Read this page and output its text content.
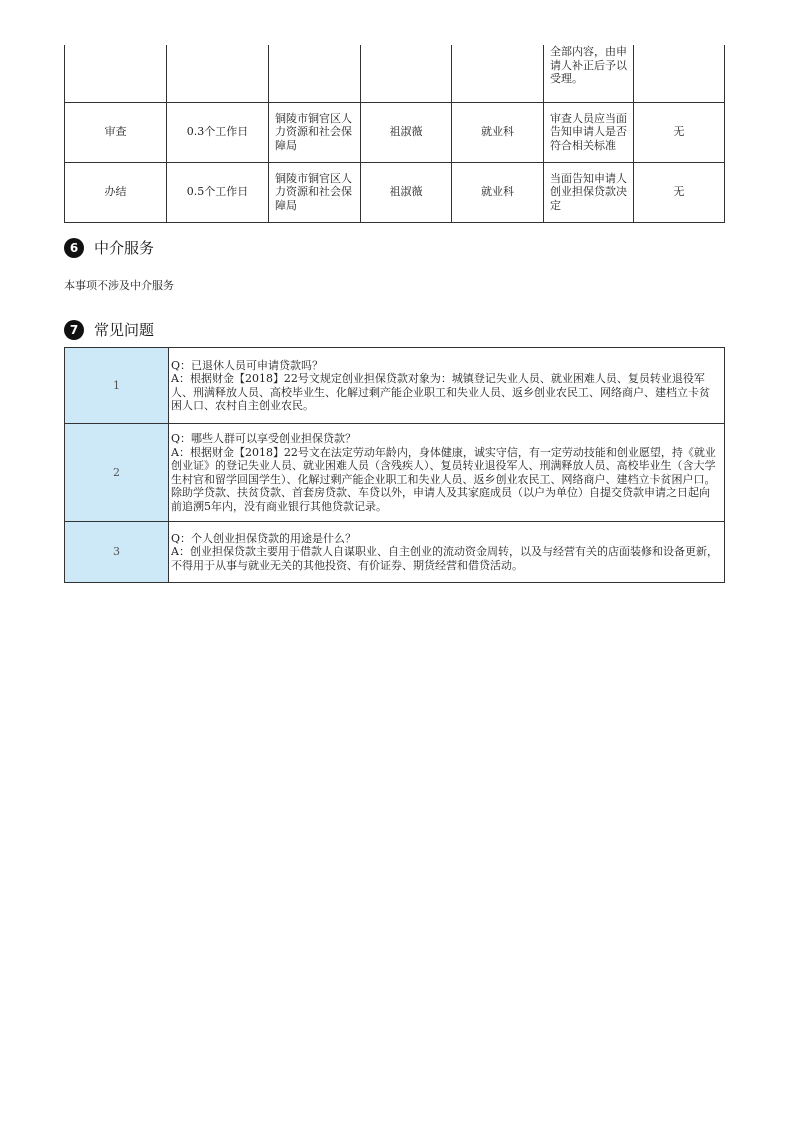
					全部内容，由申请人补正后予以受理。	
审查	0.3个工作日	铜陵市铜官区人力资源和社会保障局	祖淑薇	就业科	审查人员应当面告知申请人是否符合相关标准	无
办结	0.5个工作日	铜陵市铜官区人力资源和社会保障局	祖淑薇	就业科	当面告知申请人创业担保贷款决定	无
6	中介服务
本事项不涉及中介服务
7	常见问题
1	Q：已退休人员可申请贷款吗？
A：根据财金【2018】22号文规定创业担保贷款对象为：城镇登记失业人员、就业困难人员、复员转业退役军人、刑满释放人员、高校毕业生、化解过剩产能企业职工和失业人员、返乡创业农民工、网络商户、建档立卡贫困人口、农村自主创业农民。

2	Q：哪些人群可以享受创业担保贷款？
A：根据财金【2018】22号文在法定劳动年龄内，身体健康，诚实守信，有一定劳动技能和创业愿望，持《就业创业证》的登记失业人员、就业困难人员（含残疾人）、复员转业退役军人、刑满释放人员、高校毕业生（含大学生村官和留学回国学生）、化解过剩产能企业职工和失业人员、返乡创业农民工、网络商户、建档立卡贫困户口。除助学贷款、扶贫贷款、首套房贷款、车贷以外，申请人及其家庭成员（以户为单位）自提交贷款申请之日起向前追溯5年内，没有商业银行其他贷款记录。

3	Q：个人创业担保贷款的用途是什么？
A：创业担保贷款主要用于借款人自谋职业、自主创业的流动资金周转，以及与经营有关的店面装修和设备更新，不得用于从事与就业无关的其他投资、有价证券、期货经营和借贷活动。
